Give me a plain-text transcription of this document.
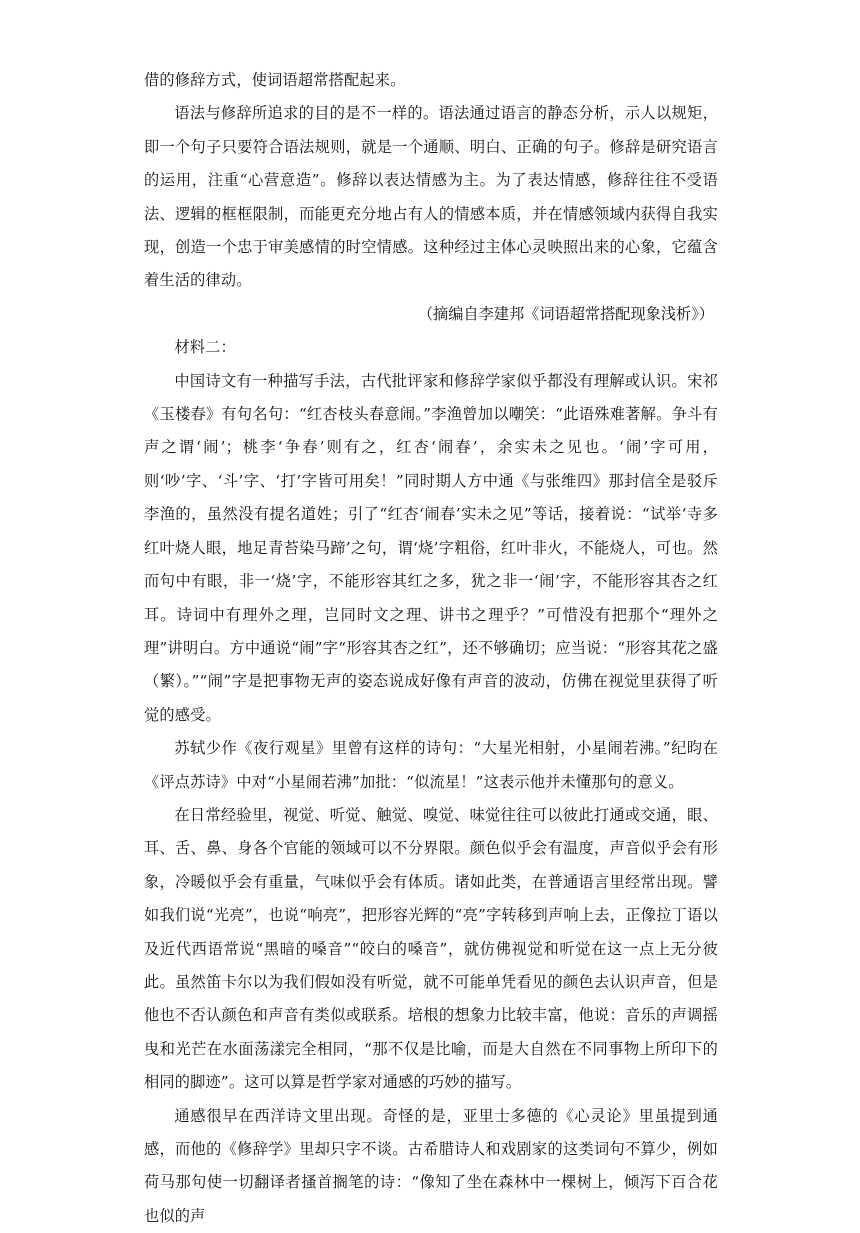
借的修辞方式，使词语超常搭配起来。

语法与修辞所追求的目的是不一样的。语法通过语言的静态分析，示人以规矩，即一个句子只要符合语法规则，就是一个通顺、明白、正确的句子。修辞是研究语言的运用，注重“心营意造”。修辞以表达情感为主。为了表达情感，修辞往往不受语法、逻辑的框框限制，而能更充分地占有人的情感本质，并在情感领域内获得自我实现，创造一个忠于审美感情的时空情感。这种经过主体心灵映照出来的心象，它蕴含着生活的律动。

（摘编自李建邦《词语超常搭配现象浅析》）

材料二：

中国诗文有一种描写手法，古代批评家和修辞学家似乎都没有理解或认识。宋祁《玉楼春》有句名句：“红杏枝头春意闹。”李渔曾加以嘲笑：“此语殊难著解。争斗有声之谓‘闹’；桃李‘争春’则有之，红杏‘闹春’，余实未之见也。‘闹’字可用，则‘吵’字、‘斗’字、‘打’字皆可用矣！”同时期人方中通《与张维四》那封信全是驳斥李渔的，虽然没有提名道姓；引了“红杏‘闹春’实未之见”等话，接着说：“试举‘寺多红叶烧人眼，地足青苔染马蹄’之句，谓‘烧’字粗俗，红叶非火，不能烧人，可也。然而句中有眼，非一‘烧’字，不能形容其红之多，犹之非一‘闹’字，不能形容其杏之红耳。诗词中有理外之理，岂同时文之理、讲书之理乎？”可惜没有把那个“理外之理”讲明白。方中通说“闹”字“形容其杏之红”，还不够确切；应当说：“形容其花之盛（繁）。”“闹”字是把事物无声的姿态说成好像有声音的波动，仿佛在视觉里获得了听觉的感受。

苏轼少作《夜行观星》里曾有这样的诗句：“大星光相射，小星闹若沸。”纪昀在《评点苏诗》中对“小星闹若沸”加批：“似流星！”这表示他并未懂那句的意义。

在日常经验里，视觉、听觉、触觉、嗅觉、味觉往往可以彼此打通或交通，眼、耳、舌、鼻、身各个官能的领域可以不分界限。颜色似乎会有温度，声音似乎会有形象，冷暖似乎会有重量，气味似乎会有体质。诸如此类，在普通语言里经常出现。譬如我们说“光亮”，也说“响亮”，把形容光辉的“亮”字转移到声响上去，正像拉丁语以及近代西语常说“黑暗的嗓音”“皎白的嗓音”，就仿佛视觉和听觉在这一点上无分彼此。虽然笛卡尔以为我们假如没有听觉，就不可能单凭看见的颜色去认识声音，但是他也不否认颜色和声音有类似或联系。培根的想象力比较丰富，他说：音乐的声调摇曳和光芒在水面荡漾完全相同，“那不仅是比喻，而是大自然在不同事物上所印下的相同的脚迹”。这可以算是哲学家对通感的巧妙的描写。

通感很早在西洋诗文里出现。奇怪的是，亚里士多德的《心灵论》里虽提到通感，而他的《修辞学》里却只字不谈。古希腊诗人和戏剧家的这类词句不算少，例如荷马那句使一切翻译者搔首搁笔的诗：“像知了坐在森林中一棵树上，倾泻下百合花也似的声
